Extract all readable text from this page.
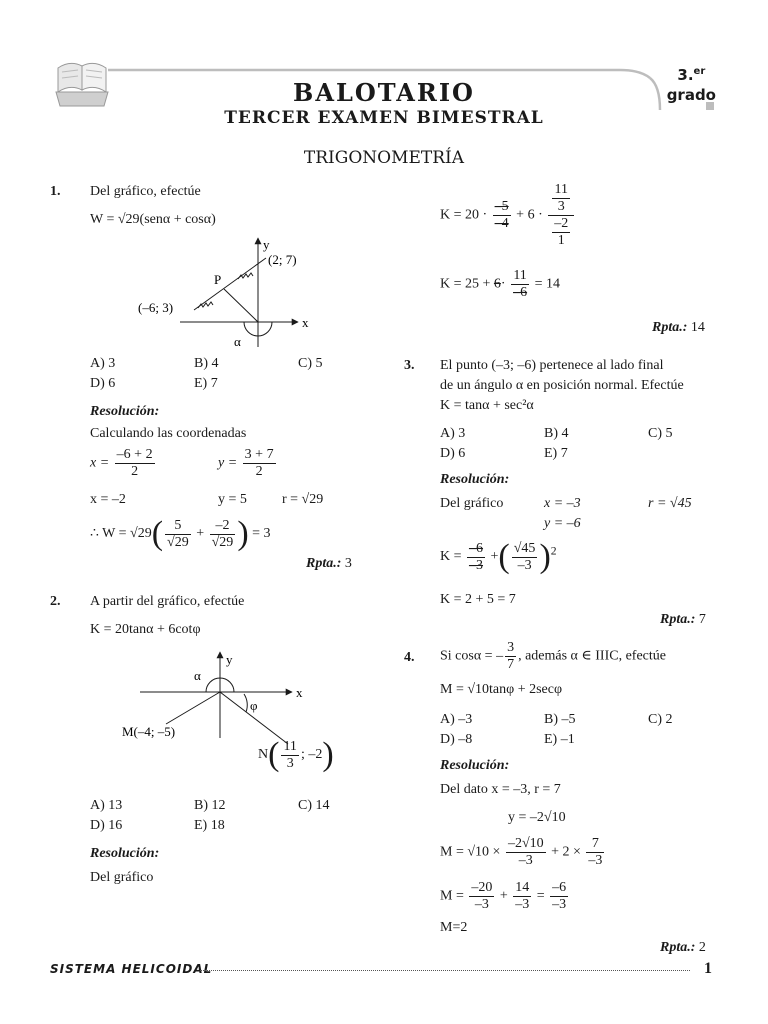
BALOTARIO
TERCER EXAMEN BIMESTRAL
3.$^{er}$
grado
TRIGONOMETRÍA
1. Del gráfico, efectúe
W = √29(senα + cosα)
y
x
(2; 7)
(–6; 3)
P
α
A) 3	B) 4	C) 5
D) 6	E) 7
Resolución:
Calculando las coordenadas
$x = \frac{-6 + 2}{2}$	$y = \frac{3 + 7}{2}$
x = –2	y = 5	r = √29
∴ $W = √29( \frac{5}{√29} + \frac{-2}{√29}$ ) = 3
Rpta.: 3
2. A partir del gráfico, efectúe
K = 20tanα + 6cotφ
y
x
α
φ
M(–4; –5)
$N( \frac{11}{3}$ ; –2)
A) 13	B) 12	C) 14
D) 16	E) 18
Resolución:
Del gráfico
$K = 20 \cdot \frac{-5}{-4} + 6 \cdot \frac{\frac{11}{3}}{\frac{-2}{1}}$
$K = 25 + 6\cdot \frac{11}{-6} = 14$
Rpta.: 14
3. El punto (–3; –6) pertenece al lado final
de un ángulo α en posición normal. Efectúe
K = tanα + sec²α
A) 3	B) 4	C) 5
D) 6	E) 7
Resolución:
Del gráfico	x = –3	r = √45
y = –6
$K = \frac{-6}{-3}$ +( $\frac{√45}{-3} )^2$
K = 2 + 5 = 7
Rpta.: 7
4. Si cosα = – $\frac{3}{7}$ , además α ∈ IIIC, efectúe
M = √10tanφ + 2secφ
A) –3	B) –5	C) 2
D) –8	E) –1
Resolución:
Del dato x = –3, r = 7
y = –2√10
$M = √10 \times \frac{-2√10}{-3} + 2 \times \frac{7}{-3}$
$M = \frac{-20}{-3} + \frac{14}{-3} = \frac{-6}{-3}$
M=2
Rpta.: 2
SISTEMA HELICOIDAL	1
